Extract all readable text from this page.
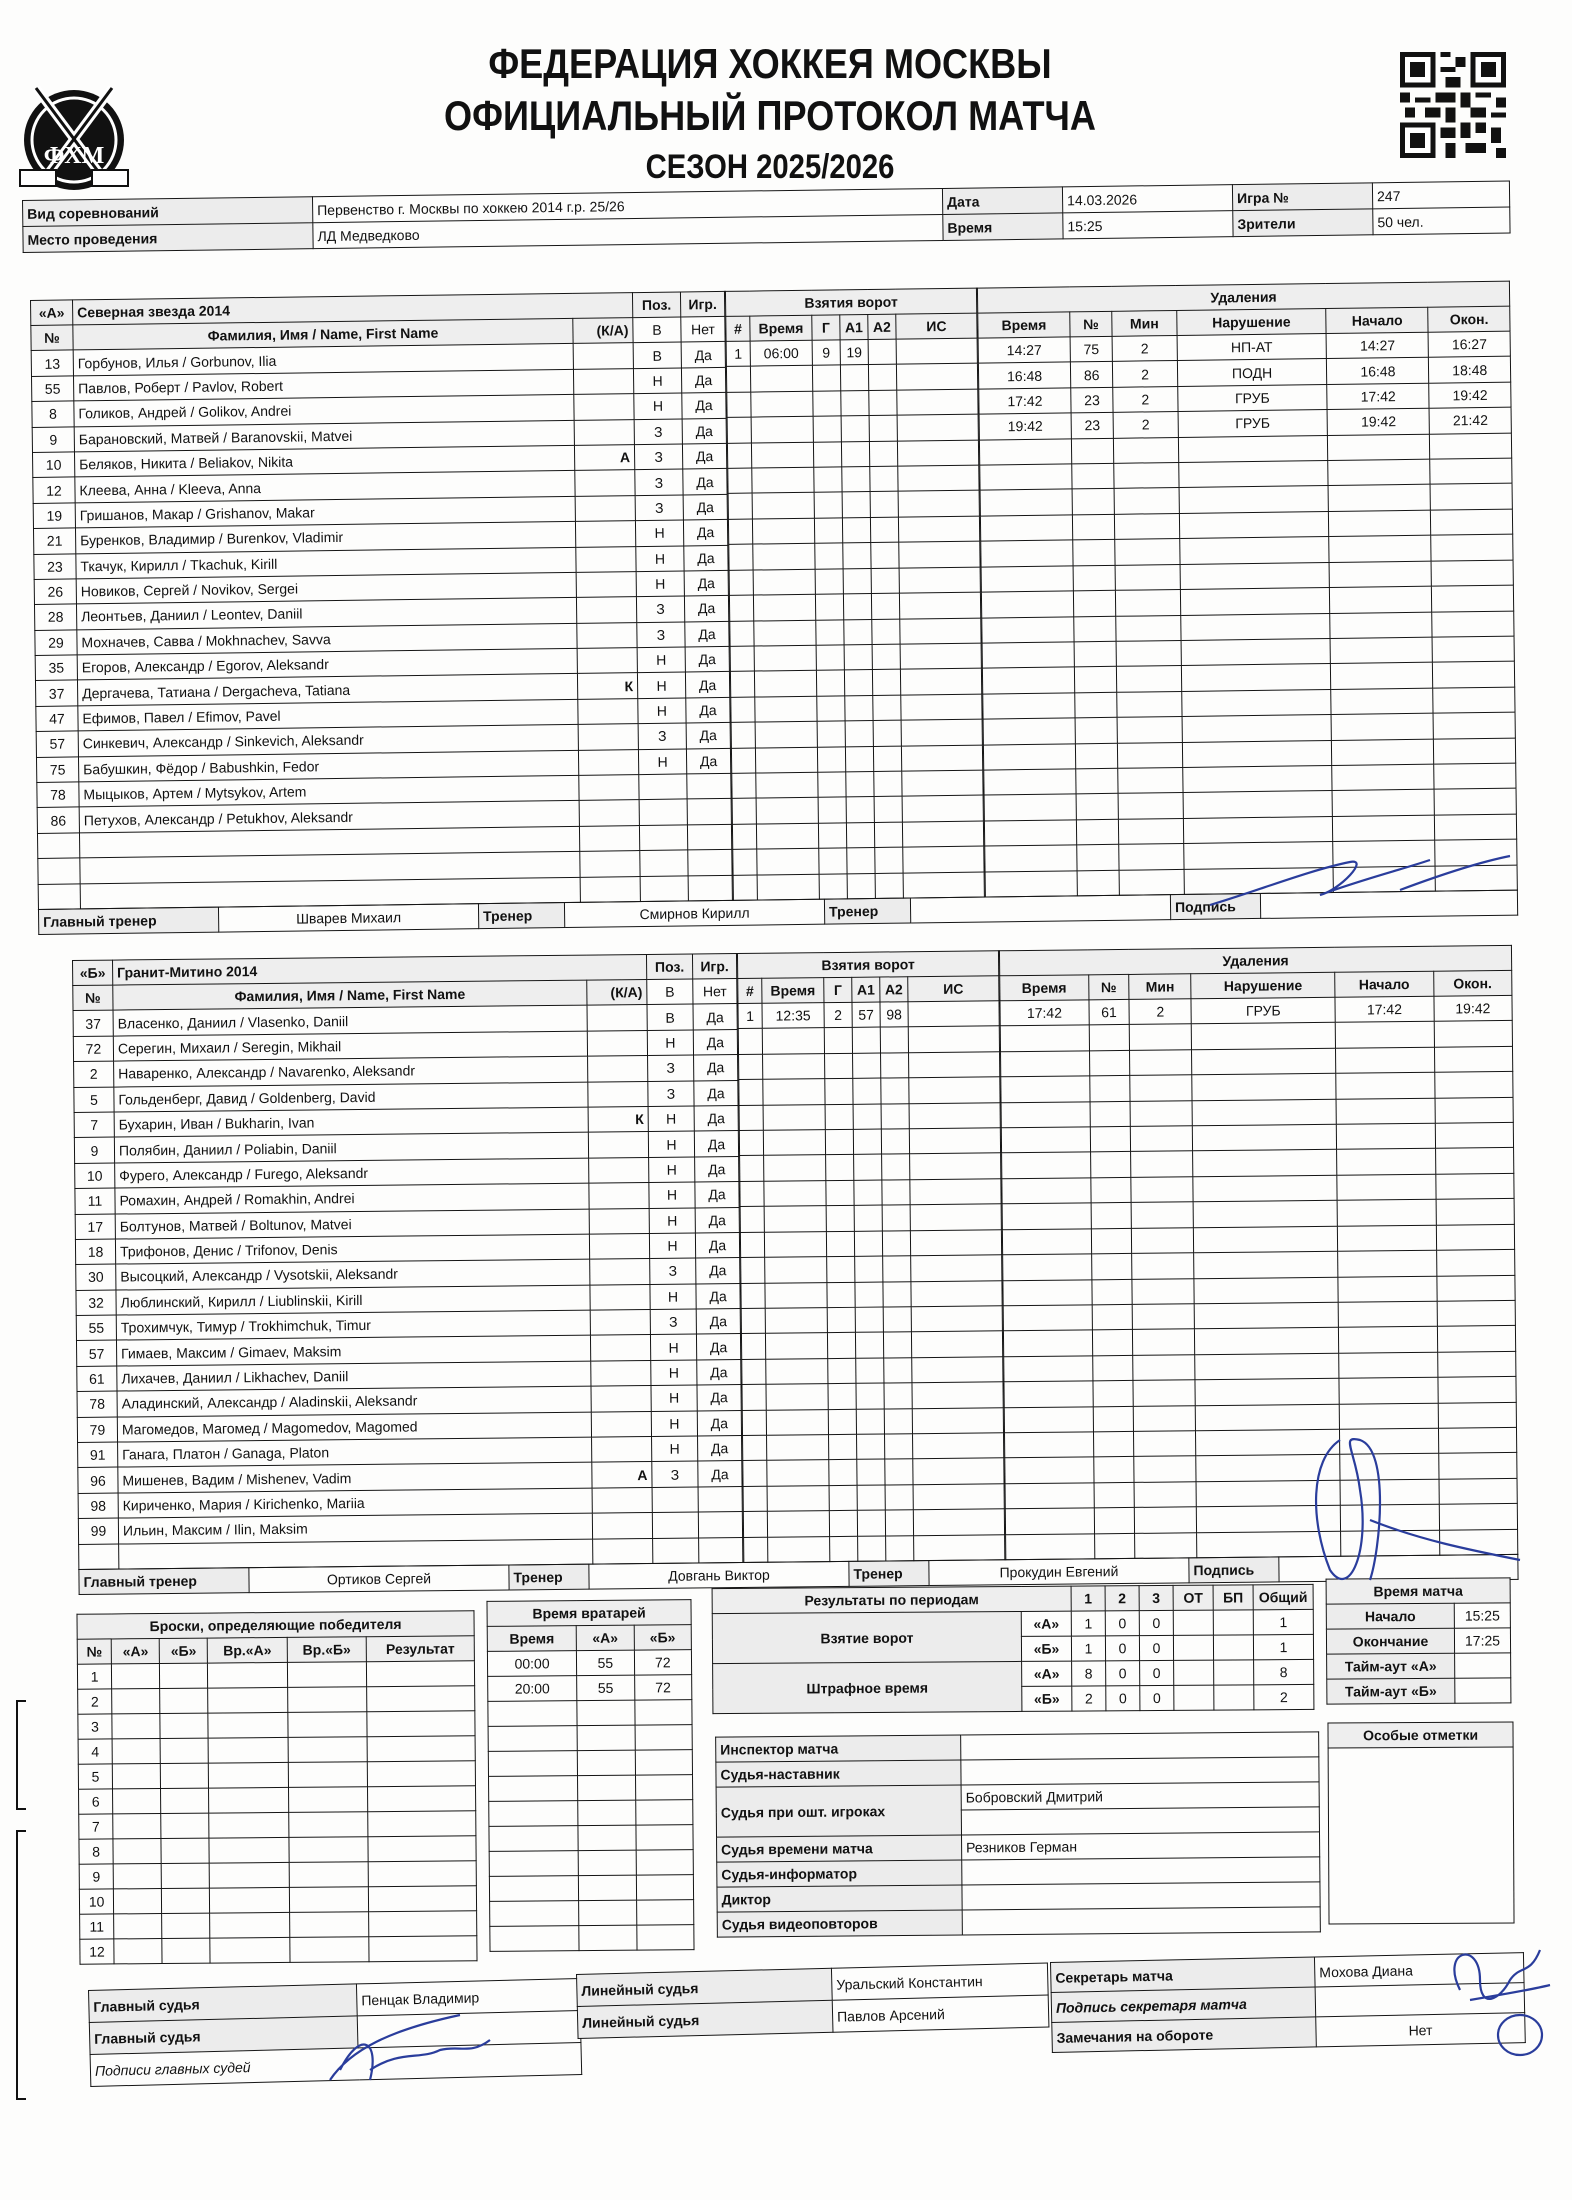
ФХМ
ФЕДЕРАЦИЯ ХОККЕЯ МОСКВЫ
ОФИЦИАЛЬНЫЙ ПРОТОКОЛ МАТЧА
СЕЗОН 2025/2026
Вид соревнований	Первенство г. Москвы по хоккею 2014 г.р. 25/26	Дата	14.03.2026	Игра №	247
Место проведения	ЛД Медведково	Время	15:25	Зрители	50 чел.
«А»	Северная звезда 2014		Поз.	Игр.
№	Фамилия, Имя / Name, First Name	(К/А)	В	Нет
13	Горбунов, Илья / Gorbunov, Ilia		В	Да
55	Павлов, Роберт / Pavlov, Robert		Н	Да
8	Голиков, Андрей / Golikov, Andrei		Н	Да
9	Барановский, Матвей / Baranovskii, Matvei		З	Да
10	Беляков, Никита / Beliakov, Nikita	А	З	Да
12	Клеева, Анна / Kleeva, Anna		З	Да
19	Гришанов, Макар / Grishanov, Makar		З	Да
21	Буренков, Владимир / Burenkov, Vladimir		Н	Да
23	Ткачук, Кирилл / Tkachuk, Kirill		Н	Да
26	Новиков, Сергей / Novikov, Sergei		Н	Да
28	Леонтьев, Даниил / Leontev, Daniil		З	Да
29	Мохначев, Савва / Mokhnachev, Savva		З	Да
35	Егоров, Александр / Egorov, Aleksandr		Н	Да
37	Дергачева, Татиана / Dergacheva, Tatiana	К	Н	Да
47	Ефимов, Павел / Efimov, Pavel		Н	Да
57	Синкевич, Александр / Sinkevich, Aleksandr		З	Да
75	Бабушкин, Фёдор / Babushkin, Fedor		Н	Да
78	Мыцыков, Артем / Mytsykov, Artem			
86	Петухов, Александр / Petukhov, Aleksandr			

Взятия ворот					
#	Время	Г	А1	А2	ИС
1	06:00	9	19		

Удаления					
Время	№	Мин	Нарушение	Начало	Окон.
14:27	75	2	НП-АТ	14:27	16:27
16:48	86	2	ПОДН	16:48	18:48
17:42	23	2	ГРУБ	17:42	19:42
19:42	23	2	ГРУБ	19:42	21:42

Главный тренер	Шварев Михаил	Тренер	Смирнов Кирилл	Тренер		Подпись	
«Б»	Гранит-Митино 2014		Поз.	Игр.
№	Фамилия, Имя / Name, First Name	(К/А)	В	Нет
37	Власенко, Даниил / Vlasenko, Daniil		В	Да
72	Серегин, Михаил / Seregin, Mikhail		Н	Да
2	Наваренко, Александр / Navarenko, Aleksandr		З	Да
5	Гольденберг, Давид / Goldenberg, David		З	Да
7	Бухарин, Иван / Bukharin, Ivan	К	Н	Да
9	Полябин, Даниил / Poliabin, Daniil		Н	Да
10	Фурего, Александр / Furego, Aleksandr		Н	Да
11	Ромахин, Андрей / Romakhin, Andrei		Н	Да
17	Болтунов, Матвей / Boltunov, Matvei		Н	Да
18	Трифонов, Денис / Trifonov, Denis		Н	Да
30	Высоцкий, Александр / Vysotskii, Aleksandr		З	Да
32	Люблинский, Кирилл / Liublinskii, Kirill		Н	Да
55	Трохимчук, Тимур / Trokhimchuk, Timur		З	Да
57	Гимаев, Максим / Gimaev, Maksim		Н	Да
61	Лихачев, Даниил / Likhachev, Daniil		Н	Да
78	Аладинский, Александр / Aladinskii, Aleksandr		Н	Да
79	Магомедов, Магомед / Magomedov, Magomed		Н	Да
91	Ганага, Платон / Ganaga, Platon		Н	Да
96	Мишенев, Вадим / Mishenev, Vadim	А	З	Да
98	Кириченко, Мария / Kirichenko, Mariia			
99	Ильин, Максим / Ilin, Maksim			

Взятия ворот					
#	Время	Г	А1	А2	ИС
1	12:35	2	57	98	

Удаления					
Время	№	Мин	Нарушение	Начало	Окон.
17:42	61	2	ГРУБ	17:42	19:42

Главный тренер	Ортиков Сергей	Тренер	Довгань Виктор	Тренер	Прокудин Евгений	Подпись	
Броски, определяющие победителя					
№	«А»	«Б»	Вр.«А»	Вр.«Б»	Результат
1					
2					
3					
4					
5					
6					
7					
8					
9					
10					
11					
12					
Время вратарей		
Время	«А»	«Б»
00:00	55	72
20:00	55	72

Результаты по периодам		1	2	3	ОТ	БП	Общий
Взятие ворот	«А»	1	0	0			1
	«Б»	1	0	0			1
Штрафное время	«А»	8	0	0			8
	«Б»	2	0	0			2
Время матча	
Начало	15:25
Окончание	17:25
Тайм-аут «А»	
Тайм-аут «Б»	
Инспектор матча	
Судья-наставник	
Судья при ошт. игроках	Бобровский Дмитрий

Судья времени матча	Резников Герман
Судья-информатор	
Диктор	
Судья видеоповторов	
Особые отметки

Главный судья	Пенцак Владимир
Главный судья	
Подписи главных судей	
Линейный судья	Уральский Константин
Линейный судья	Павлов Арсений
Секретарь матча	Мохова Диана
Подпись секретаря матча	
Замечания на обороте	Нет
